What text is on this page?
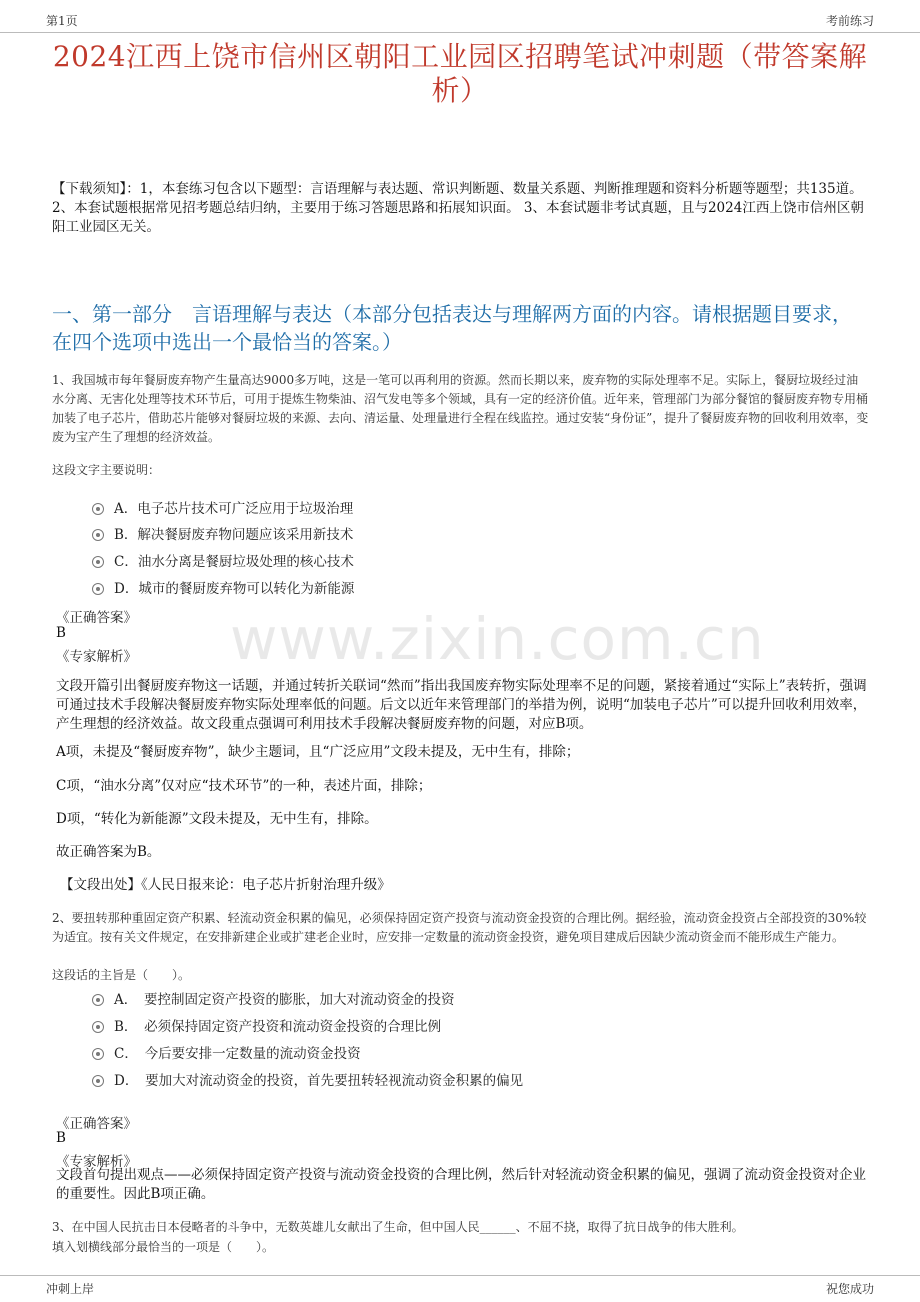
第1页	考前练习
2024江西上饶市信州区朝阳工业园区招聘笔试冲刺题（带答案解析）
【下载须知】：1，本套练习包含以下题型：言语理解与表达题、常识判断题、数量关系题、判断推理题和资料分析题等题型；共135道。 2、本套试题根据常见招考题总结归纳，主要用于练习答题思路和拓展知识面。 3、本套试题非考试真题，且与2024江西上饶市信州区朝阳工业园区无关。
一、第一部分　言语理解与表达（本部分包括表达与理解两方面的内容。请根据题目要求，在四个选项中选出一个最恰当的答案。）
www.zixin.com.cn
1、我国城市每年餐厨废弃物产生量高达9000多万吨，这是一笔可以再利用的资源。然而长期以来，废弃物的实际处理率不足。实际上，餐厨垃圾经过油水分离、无害化处理等技术环节后，可用于提炼生物柴油、沼气发电等多个领域，具有一定的经济价值。近年来，管理部门为部分餐馆的餐厨废弃物专用桶加装了电子芯片，借助芯片能够对餐厨垃圾的来源、去向、清运量、处理量进行全程在线监控。通过安装“身份证”，提升了餐厨废弃物的回收利用效率，变废为宝产生了理想的经济效益。
这段文字主要说明：
A．电子芯片技术可广泛应用于垃圾治理
B．解决餐厨废弃物问题应该采用新技术
C．油水分离是餐厨垃圾处理的核心技术
D．城市的餐厨废弃物可以转化为新能源
《正确答案》
B
《专家解析》
文段开篇引出餐厨废弃物这一话题，并通过转折关联词“然而”指出我国废弃物实际处理率不足的问题，紧接着通过“实际上”表转折，强调可通过技术手段解决餐厨废弃物实际处理率低的问题。后文以近年来管理部门的举措为例，说明“加装电子芯片”可以提升回收利用效率，产生理想的经济效益。故文段重点强调可利用技术手段解决餐厨废弃物的问题，对应B项。
A项，未提及“餐厨废弃物”，缺少主题词，且“广泛应用”文段未提及，无中生有，排除；
C项，“油水分离”仅对应“技术环节”的一种，表述片面，排除；
D项，“转化为新能源”文段未提及，无中生有，排除。
故正确答案为B。
【文段出处】《人民日报来论：电子芯片折射治理升级》
2、要扭转那种重固定资产积累、轻流动资金积累的偏见，必须保持固定资产投资与流动资金投资的合理比例。据经验，流动资金投资占全部投资的30%较为适宜。按有关文件规定，在安排新建企业或扩建老企业时，应安排一定数量的流动资金投资，避免项目建成后因缺少流动资金而不能形成生产能力。
这段话的主旨是（　　）。
A．　要控制固定资产投资的膨胀，加大对流动资金的投资
B．　必须保持固定资产投资和流动资金投资的合理比例
C．　今后要安排一定数量的流动资金投资
D．　要加大对流动资金的投资，首先要扭转轻视流动资金积累的偏见
《正确答案》
B
《专家解析》
文段首句提出观点——必须保持固定资产投资与流动资金投资的合理比例，然后针对轻流动资金积累的偏见，强调了流动资金投资对企业的重要性。因此B项正确。
3、在中国人民抗击日本侵略者的斗争中，无数英雄儿女献出了生命，但中国人民______、不屈不挠，取得了抗日战争的伟大胜利。
填入划横线部分最恰当的一项是（　　）。
冲刺上岸	祝您成功
